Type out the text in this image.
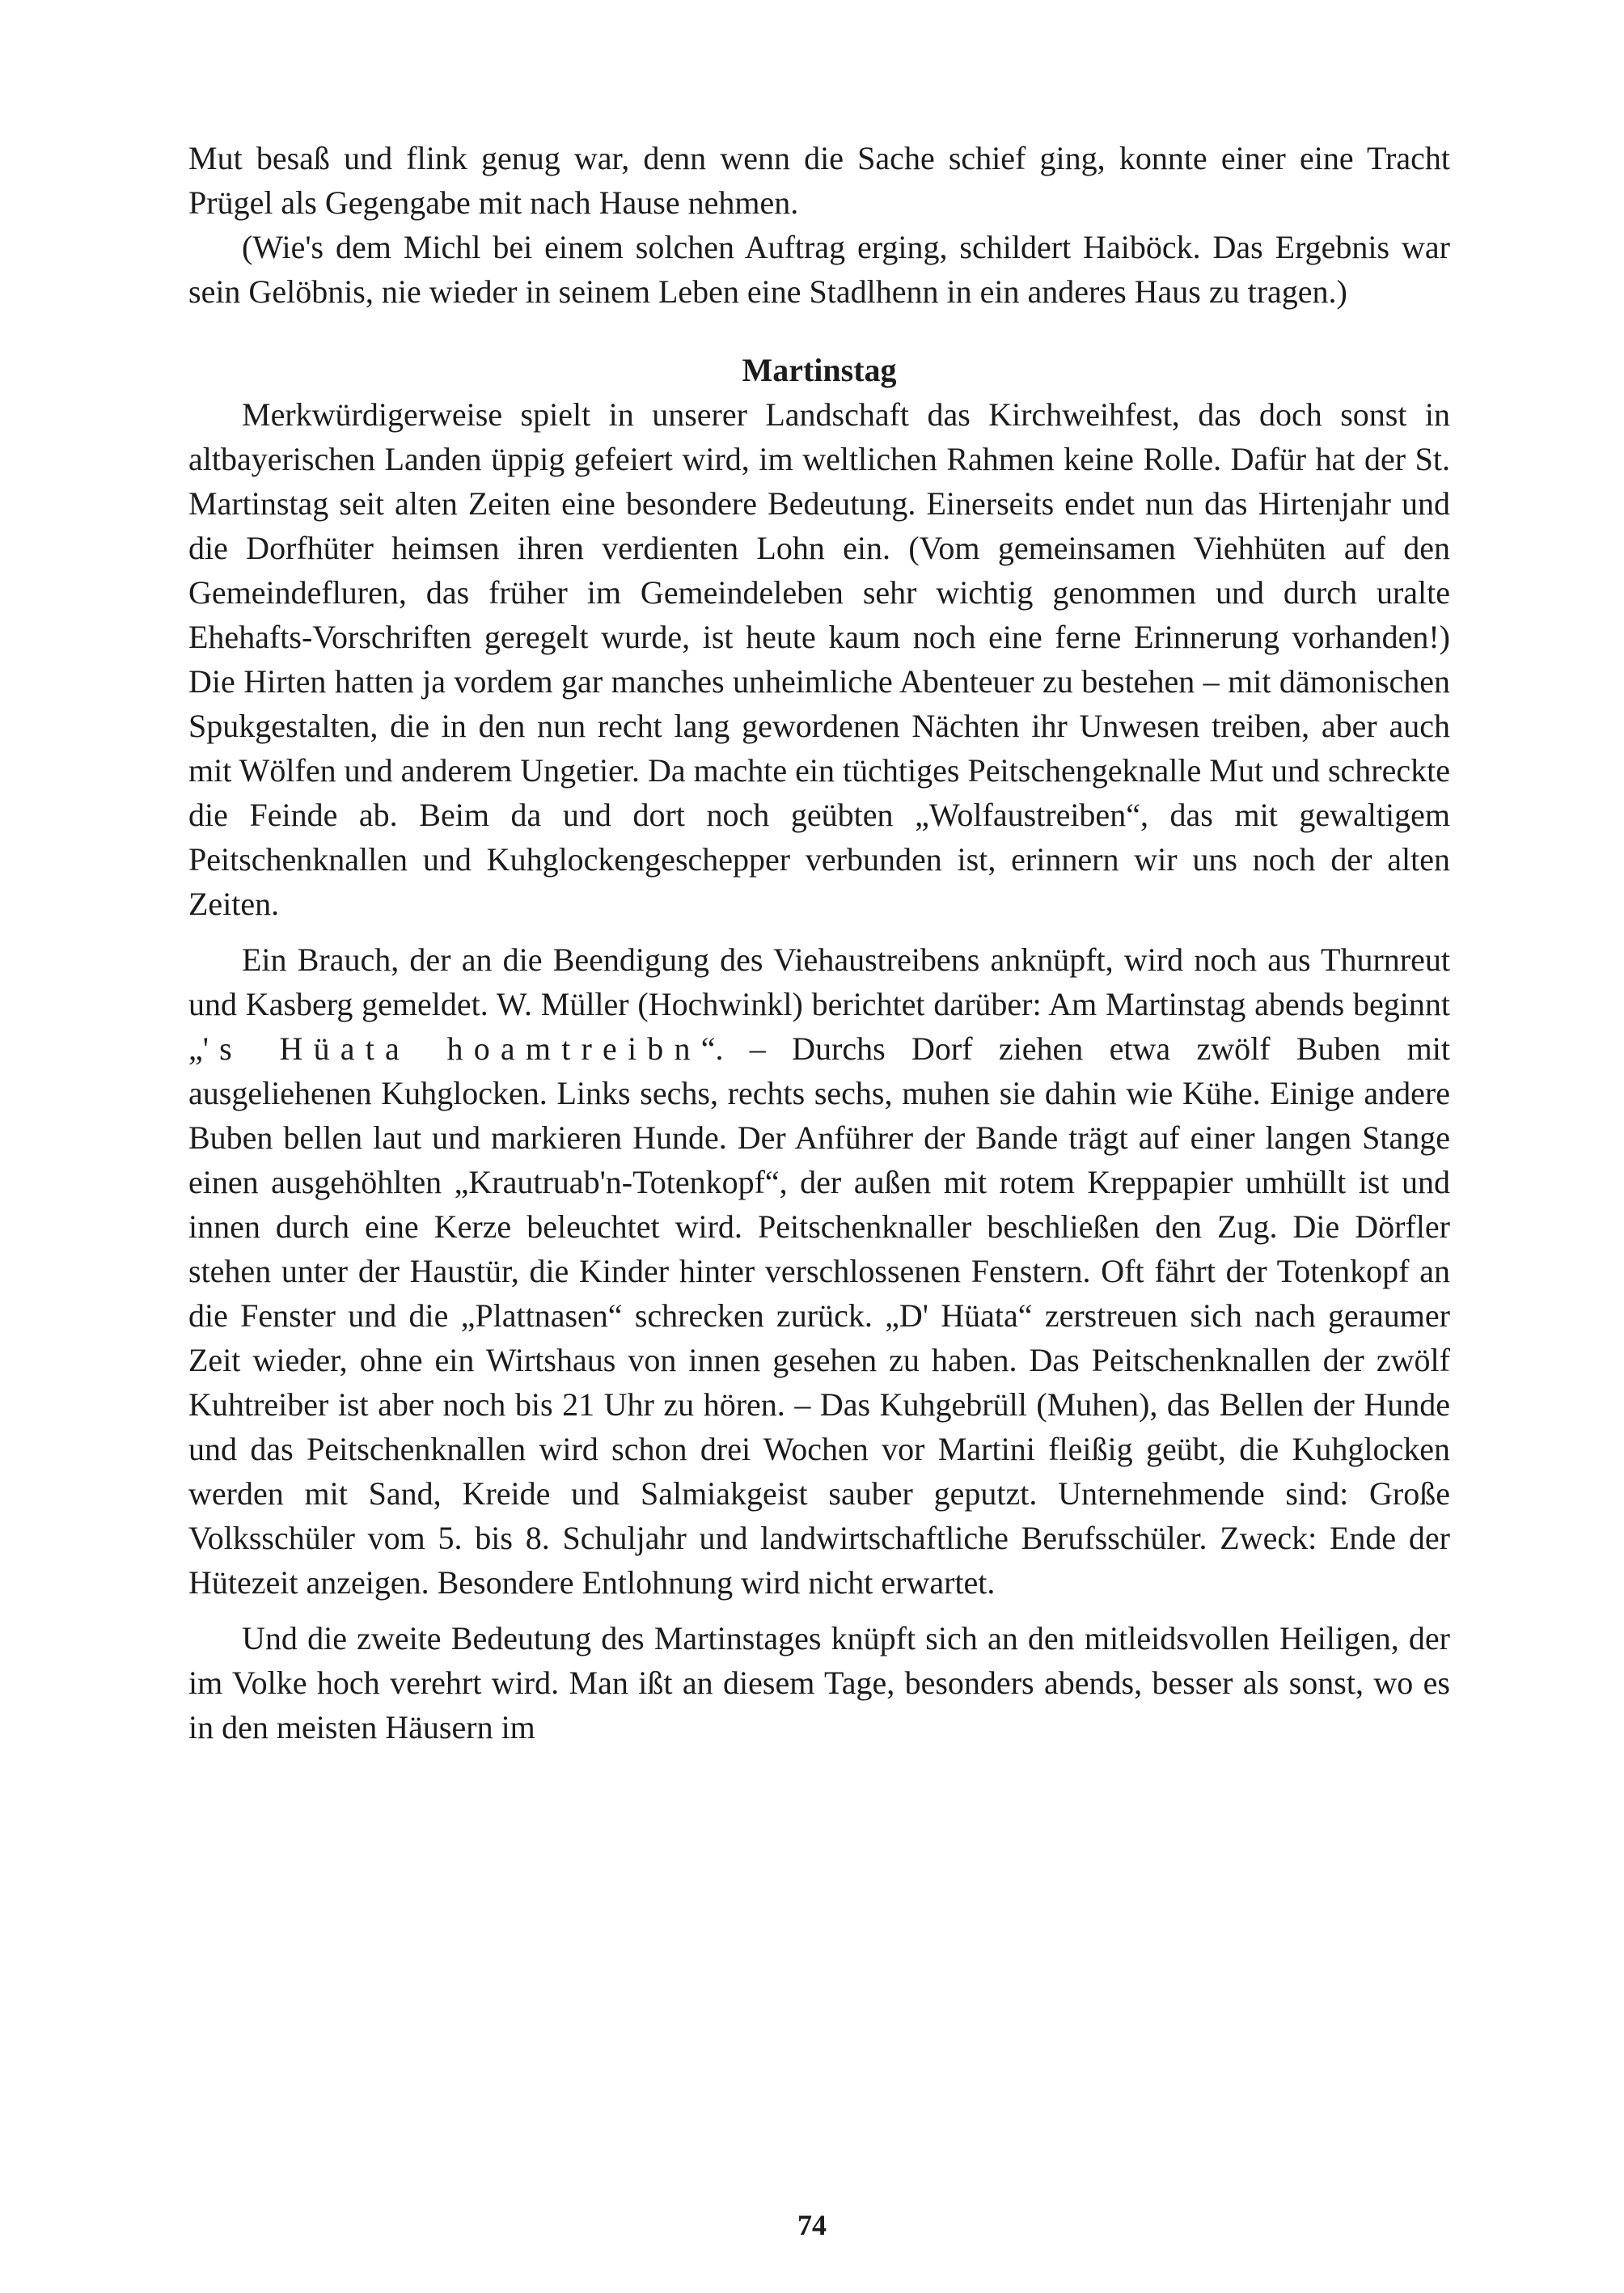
Mut besaß und flink genug war, denn wenn die Sache schief ging, konnte einer eine Tracht Prügel als Gegengabe mit nach Hause nehmen.

(Wie's dem Michl bei einem solchen Auftrag erging, schildert Haiböck. Das Ergebnis war sein Gelöbnis, nie wieder in seinem Leben eine Stadlhenn in ein anderes Haus zu tragen.)

Martinstag

Merkwürdigerweise spielt in unserer Landschaft das Kirchweihfest, das doch sonst in altbayerischen Landen üppig gefeiert wird, im weltlichen Rahmen keine Rolle. Dafür hat der St. Martinstag seit alten Zeiten eine besondere Bedeutung. Einerseits endet nun das Hirtenjahr und die Dorfhüter heimsen ihren verdienten Lohn ein. (Vom gemeinsamen Viehhüten auf den Gemeindefluren, das früher im Gemeindeleben sehr wichtig genommen und durch uralte Ehehafts-Vorschriften geregelt wurde, ist heute kaum noch eine ferne Erinnerung vorhanden!) Die Hirten hatten ja vordem gar manches unheimliche Abenteuer zu bestehen – mit dämonischen Spukgestalten, die in den nun recht lang gewordenen Nächten ihr Unwesen treiben, aber auch mit Wölfen und anderem Ungetier. Da machte ein tüchtiges Peitschengeknalle Mut und schreckte die Feinde ab. Beim da und dort noch geübten „Wolfaustreiben“, das mit gewaltigem Peitschenknallen und Kuhglockengeschepper verbunden ist, erinnern wir uns noch der alten Zeiten.

Ein Brauch, der an die Beendigung des Viehaustreibens anknüpft, wird noch aus Thurnreut und Kasberg gemeldet. W. Müller (Hochwinkl) berichtet darüber: Am Martinstag abends beginnt „'s Hüata hoamtreibn“. – Durchs Dorf ziehen etwa zwölf Buben mit ausgeliehenen Kuhglocken. Links sechs, rechts sechs, muhen sie dahin wie Kühe. Einige andere Buben bellen laut und markieren Hunde. Der Anführer der Bande trägt auf einer langen Stange einen ausgehöhlten „Krautruab'n-Totenkopf“, der außen mit rotem Kreppapier umhüllt ist und innen durch eine Kerze beleuchtet wird. Peitschenknaller beschließen den Zug. Die Dörfler stehen unter der Haustür, die Kinder hinter verschlossenen Fenstern. Oft fährt der Totenkopf an die Fenster und die „Plattnasen“ schrecken zurück. „D' Hüata“ zerstreuen sich nach geraumer Zeit wieder, ohne ein Wirtshaus von innen gesehen zu haben. Das Peitschenknallen der zwölf Kuhtreiber ist aber noch bis 21 Uhr zu hören. – Das Kuhgebrüll (Muhen), das Bellen der Hunde und das Peitschenknallen wird schon drei Wochen vor Martini fleißig geübt, die Kuhglocken werden mit Sand, Kreide und Salmiakgeist sauber geputzt. Unternehmende sind: Große Volksschüler vom 5. bis 8. Schuljahr und landwirtschaftliche Berufsschüler. Zweck: Ende der Hütezeit anzeigen. Besondere Entlohnung wird nicht erwartet.

Und die zweite Bedeutung des Martinstages knüpft sich an den mitleidsvollen Heiligen, der im Volke hoch verehrt wird. Man ißt an diesem Tage, besonders abends, besser als sonst, wo es in den meisten Häusern im

74
